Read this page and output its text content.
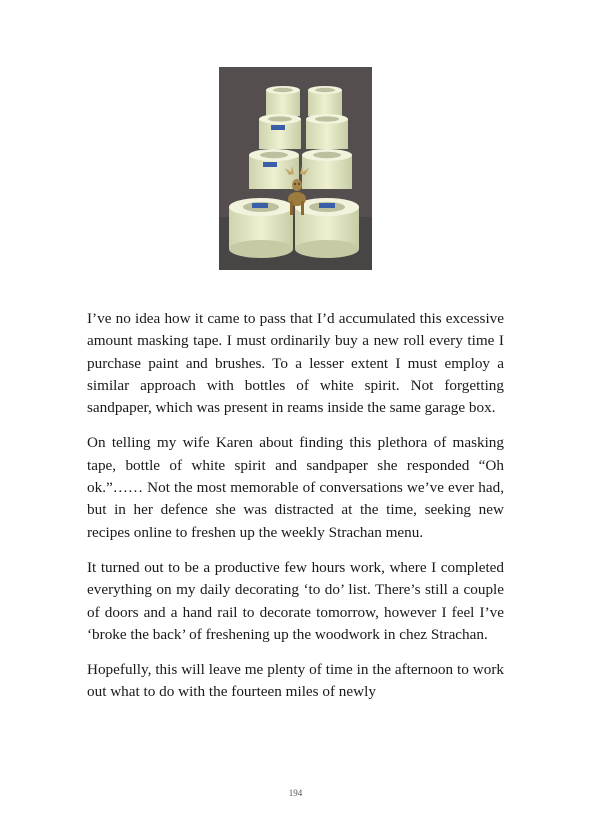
I’ve no idea how it came to pass that I’d accumulated this excessive amount masking tape. I must ordinarily buy a new roll every time I purchase paint and brushes. To a lesser extent I must employ a similar approach with bottles of white spirit. Not forgetting sandpaper, which was present in reams inside the same garage box.

On telling my wife Karen about finding this plethora of masking tape, bottle of white spirit and sandpaper she responded “Oh ok.”…… Not the most memorable of conversations we’ve ever had, but in her defence she was distracted at the time, seeking new recipes online to freshen up the weekly Strachan menu.

It turned out to be a productive few hours work, where I completed everything on my daily decorating ‘to do’ list. There’s still a couple of doors and a hand rail to decorate tomorrow, however I feel I’ve ‘broke the back’ of freshening up the woodwork in chez Strachan.

Hopefully, this will leave me plenty of time in the afternoon to work out what to do with the fourteen miles of newly

194
